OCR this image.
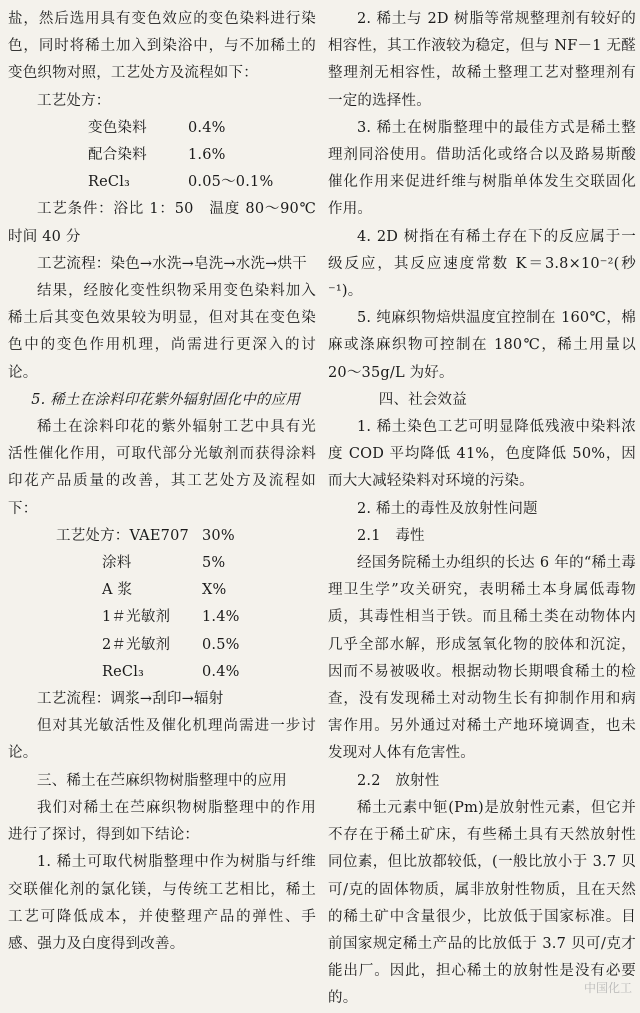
盐，然后选用具有变色效应的变色染料进行染色，同时将稀土加入到染浴中，与不加稀土的变色织物对照，工艺处方及流程如下：

工艺处方：
变色染料	0.4%
配合染料	1.6%
ReCl₃	0.05～0.1%

工艺条件：浴比 1：50　温度 80～90℃　时间 40 分

工艺流程：染色→水洗→皂洗→水洗→烘干

结果，经胺化变性织物采用变色染料加入稀土后其变色效果较为明显，但对其在变色染色中的变色作用机理，尚需进行更深入的讨论。

5. 稀土在涂料印花紫外辐射固化中的应用

稀土在涂料印花的紫外辐射工艺中具有光活性催化作用，可取代部分光敏剂而获得涂料印花产品质量的改善，其工艺处方及流程如下：

工艺处方：VAE707 30%
涂料	5%
A 浆	X%
1＃光敏剂	1.4%
2＃光敏剂	0.5%
ReCl₃	0.4%

工艺流程：调浆→刮印→辐射

但对其光敏活性及催化机理尚需进一步讨论。

三、稀土在苎麻织物树脂整理中的应用

我们对稀土在苎麻织物树脂整理中的作用进行了探讨，得到如下结论：

1. 稀土可取代树脂整理中作为树脂与纤维交联催化剂的氯化镁，与传统工艺相比，稀土工艺可降低成本，并使整理产品的弹性、手感、强力及白度得到改善。

2. 稀土与 2D 树脂等常规整理剂有较好的相容性，其工作液较为稳定，但与 NF－1 无醛整理剂无相容性，故稀土整理工艺对整理剂有一定的选择性。

3. 稀土在树脂整理中的最佳方式是稀土整理剂同浴使用。借助活化或络合以及路易斯酸催化作用来促进纤维与树脂单体发生交联固化作用。

4. 2D 树指在有稀土存在下的反应属于一级反应，其反应速度常数 K＝3.8×10⁻²(秒⁻¹)。

5. 纯麻织物焙烘温度宜控制在 160℃，棉麻或涤麻织物可控制在 180℃，稀土用量以 20～35g/L 为好。

四、社会效益

1. 稀土染色工艺可明显降低残液中染料浓度 COD 平均降低 41%，色度降低 50%，因而大大减轻染料对环境的污染。

2. 稀土的毒性及放射性问题

2.1　毒性

经国务院稀土办组织的长达 6 年的“稀土毒理卫生学”攻关研究，表明稀土本身属低毒物质，其毒性相当于铁。而且稀土类在动物体内几乎全部水解，形成氢氧化物的胶体和沉淀，因而不易被吸收。根据动物长期喂食稀土的检查，没有发现稀土对动物生长有抑制作用和病害作用。另外通过对稀土产地环境调查，也未发现对人体有危害性。

2.2　放射性

稀土元素中钷(Pm)是放射性元素，但它并不存在于稀土矿床，有些稀土具有天然放射性同位素，但比放都较低，(一般比放小于 3.7 贝可/克的固体物质，属非放射性物质，且在天然的稀土矿中含量很少，比放低于国家标准。目前国家规定稀土产品的比放低于 3.7 贝可/克才能出厂。因此，担心稀土的放射性是没有必要的。

中国化工
